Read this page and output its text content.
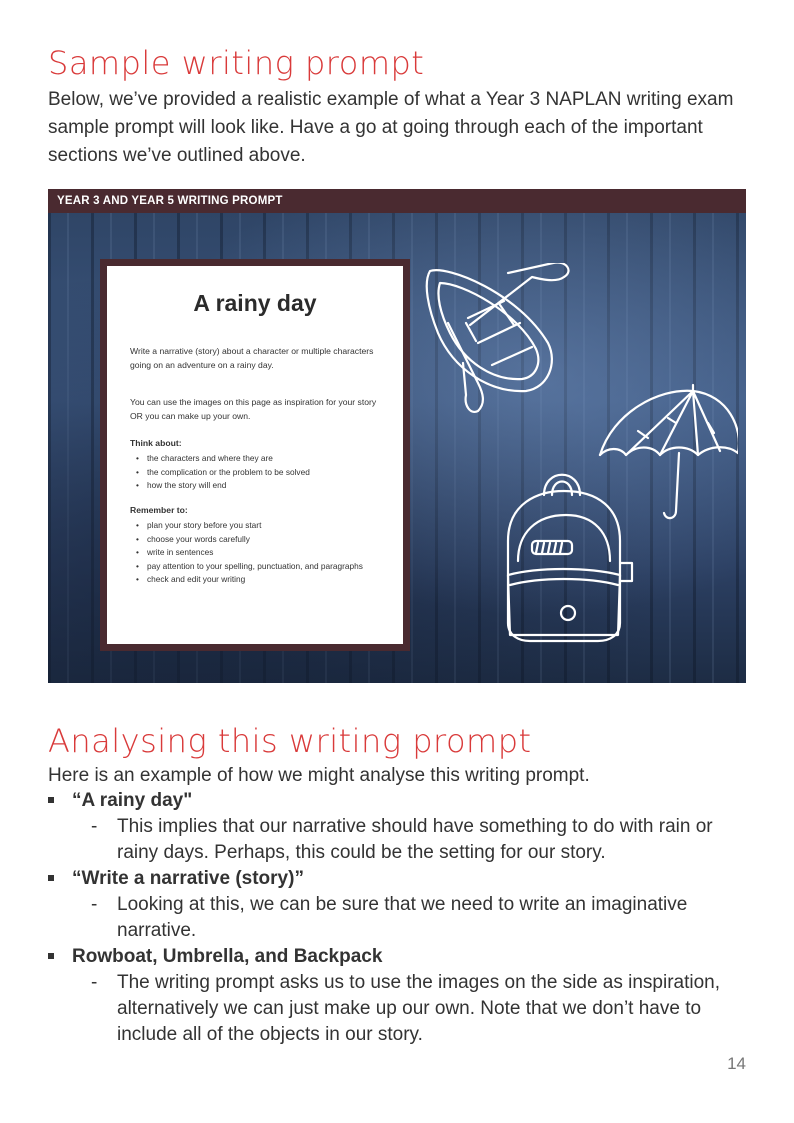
Sample writing prompt

Below, we’ve provided a realistic example of what a Year 3 NAPLAN writing exam sample prompt will look like. Have a go at going through each of the important sections we’ve outlined above.

YEAR 3 AND YEAR 5 WRITING PROMPT
A rainy day

Write a narrative (story) about a character or multiple characters going on an adventure on a rainy day.

You can use the images on this page as inspiration for your story OR you can make up your own.

Think about:

• the characters and where they are
• the complication or the problem to be solved
• how the story will end

Remember to:

• plan your story before you start
• choose your words carefully
• write in sentences
• pay attention to your spelling, punctuation, and paragraphs
• check and edit your writing
Analysing this writing prompt

Here is an example of how we might analyse this writing prompt.

“A rainy day"
- This implies that our narrative should have something to do with rain or rainy days. Perhaps, this could be the setting for our story.
“Write a narrative (story)”
- Looking at this, we can be sure that we need to write an imaginative narrative.
Rowboat, Umbrella, and Backpack
- The writing prompt asks us to use the images on the side as inspiration, alternatively we can just make up our own. Note that we don’t have to include all of the objects in our story.
14
